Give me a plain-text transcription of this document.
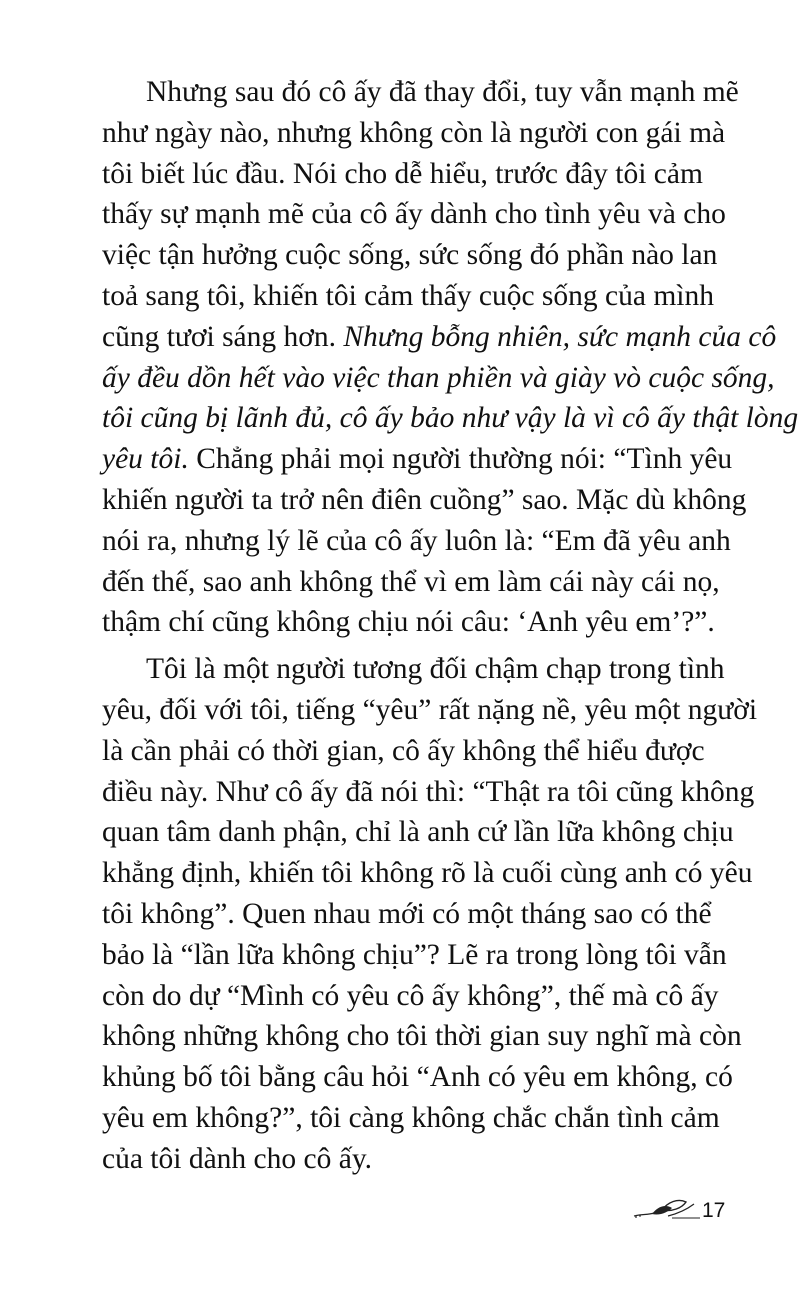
Nhưng sau đó cô ấy đã thay đổi, tuy vẫn mạnh mẽ
như ngày nào, nhưng không còn là người con gái mà
tôi biết lúc đầu. Nói cho dễ hiểu, trước đây tôi cảm
thấy sự mạnh mẽ của cô ấy dành cho tình yêu và cho
việc tận hưởng cuộc sống, sức sống đó phần nào lan
toả sang tôi, khiến tôi cảm thấy cuộc sống của mình
cũng tươi sáng hơn. Nhưng bỗng nhiên, sức mạnh của cô
ấy đều dồn hết vào việc than phiền và giày vò cuộc sống,
tôi cũng bị lãnh đủ, cô ấy bảo như vậy là vì cô ấy thật lòng
yêu tôi. Chẳng phải mọi người thường nói: “Tình yêu
khiến người ta trở nên điên cuồng” sao. Mặc dù không
nói ra, nhưng lý lẽ của cô ấy luôn là: “Em đã yêu anh
đến thế, sao anh không thể vì em làm cái này cái nọ,
thậm chí cũng không chịu nói câu: ‘Anh yêu em’?”.
Tôi là một người tương đối chậm chạp trong tình
yêu, đối với tôi, tiếng “yêu” rất nặng nề, yêu một người
là cần phải có thời gian, cô ấy không thể hiểu được
điều này. Như cô ấy đã nói thì: “Thật ra tôi cũng không
quan tâm danh phận, chỉ là anh cứ lần lữa không chịu
khẳng định, khiến tôi không rõ là cuối cùng anh có yêu
tôi không”. Quen nhau mới có một tháng sao có thể
bảo là “lần lữa không chịu”? Lẽ ra trong lòng tôi vẫn
còn do dự “Mình có yêu cô ấy không”, thế mà cô ấy
không những không cho tôi thời gian suy nghĩ mà còn
khủng bố tôi bằng câu hỏi “Anh có yêu em không, có
yêu em không?”, tôi càng không chắc chắn tình cảm
của tôi dành cho cô ấy.
17
